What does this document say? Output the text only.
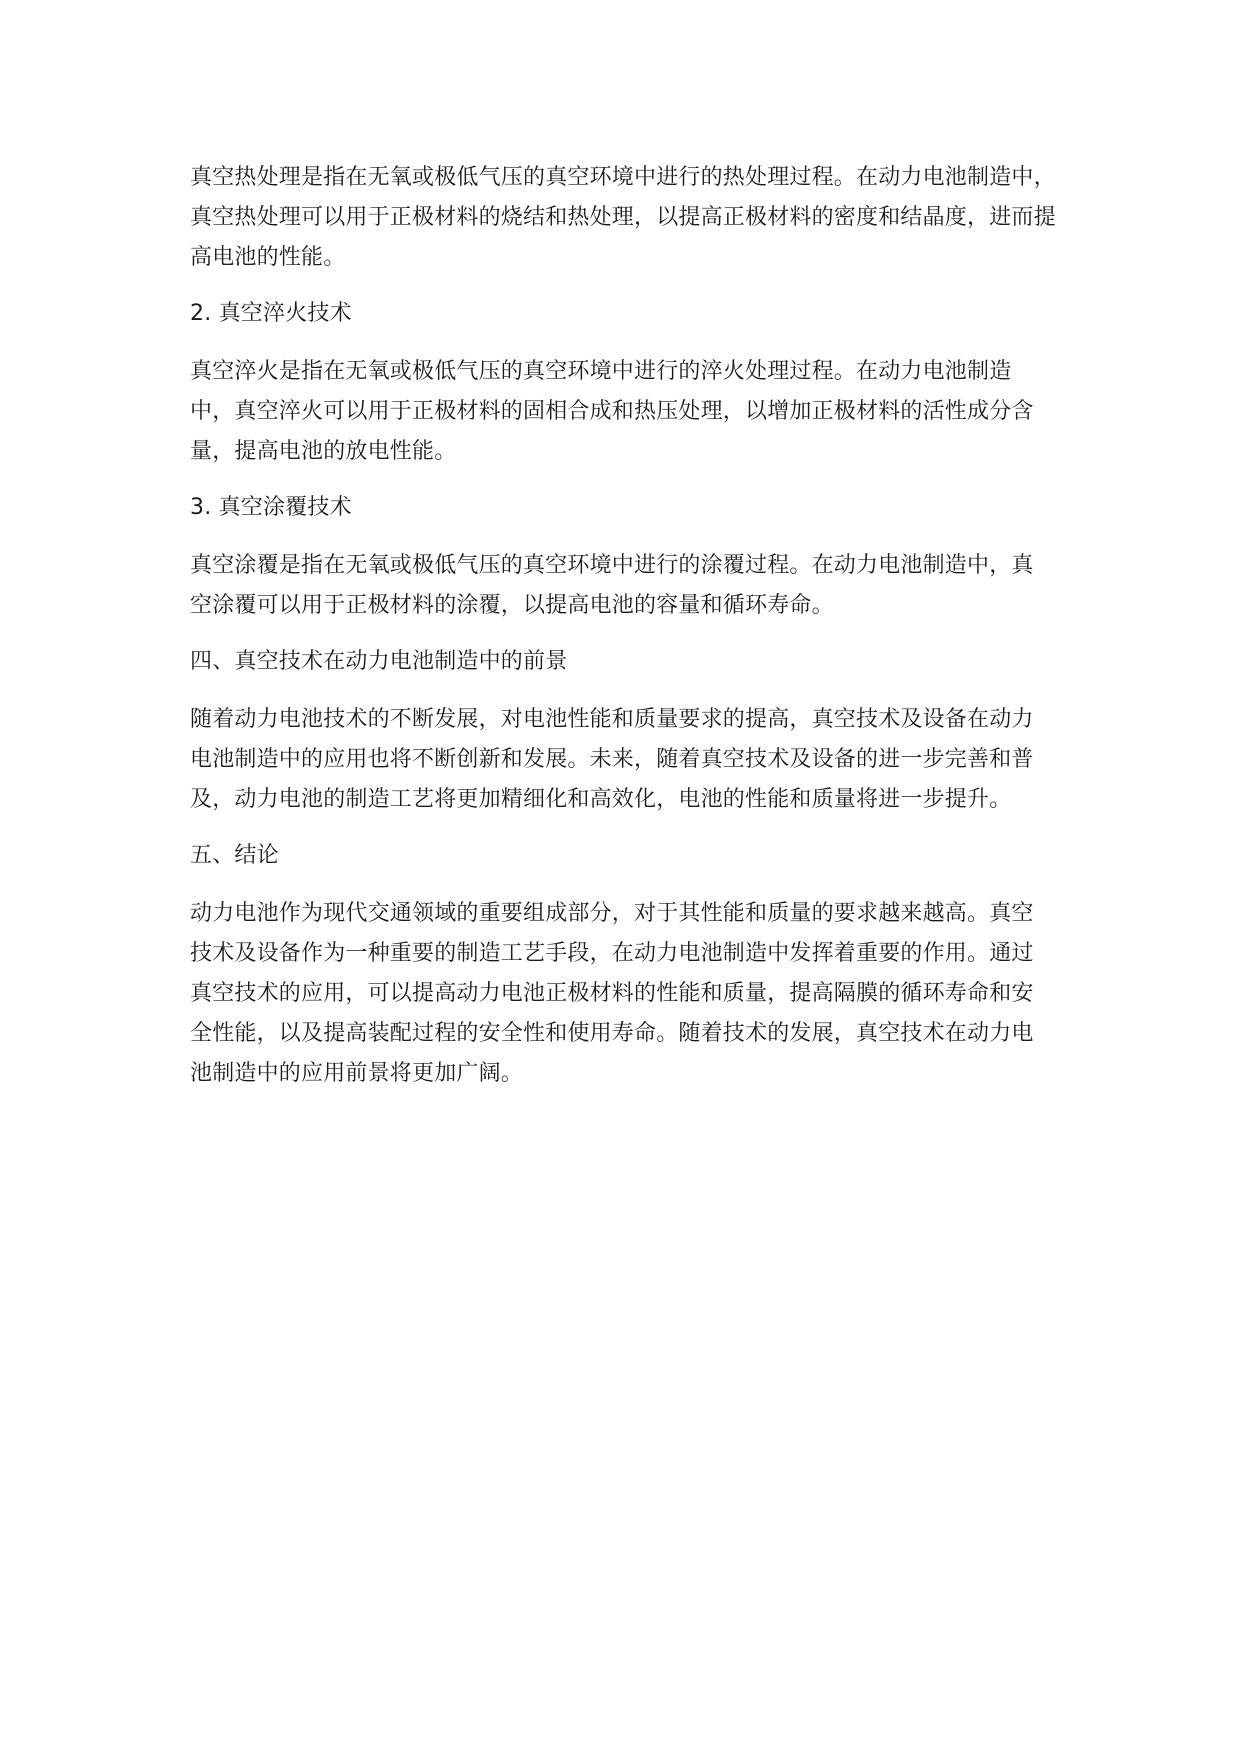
真空热处理是指在无氧或极低气压的真空环境中进行的热处理过程。在动力电池制造中，真空热处理可以用于正极材料的烧结和热处理，以提高正极材料的密度和结晶度，进而提高电池的性能。

2. 真空淬火技术

真空淬火是指在无氧或极低气压的真空环境中进行的淬火处理过程。在动力电池制造中，真空淬火可以用于正极材料的固相合成和热压处理，以增加正极材料的活性成分含量，提高电池的放电性能。

3. 真空涂覆技术

真空涂覆是指在无氧或极低气压的真空环境中进行的涂覆过程。在动力电池制造中，真空涂覆可以用于正极材料的涂覆，以提高电池的容量和循环寿命。

四、真空技术在动力电池制造中的前景

随着动力电池技术的不断发展，对电池性能和质量要求的提高，真空技术及设备在动力电池制造中的应用也将不断创新和发展。未来，随着真空技术及设备的进一步完善和普及，动力电池的制造工艺将更加精细化和高效化，电池的性能和质量将进一步提升。

五、结论

动力电池作为现代交通领域的重要组成部分，对于其性能和质量的要求越来越高。真空技术及设备作为一种重要的制造工艺手段，在动力电池制造中发挥着重要的作用。通过真空技术的应用，可以提高动力电池正极材料的性能和质量，提高隔膜的循环寿命和安全性能，以及提高装配过程的安全性和使用寿命。随着技术的发展，真空技术在动力电池制造中的应用前景将更加广阔。
